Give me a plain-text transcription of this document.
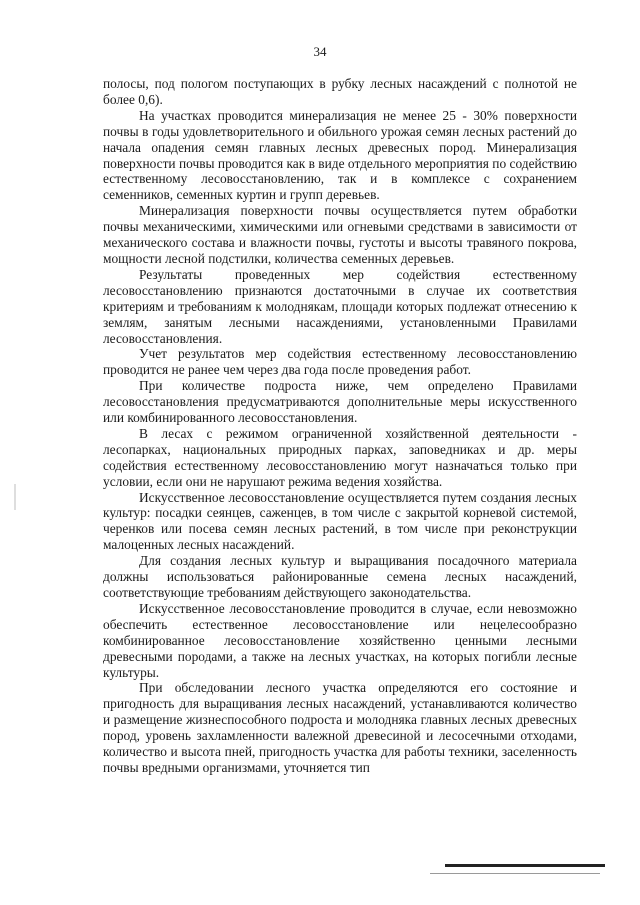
34

полосы, под пологом поступающих в рубку лесных насаждений с полнотой не более 0,6).

На участках проводится минерализация не менее 25 - 30% поверхности почвы в годы удовлетворительного и обильного урожая семян лесных растений до начала опадения семян главных лесных древесных пород. Минерализация поверхности почвы проводится как в виде отдельного мероприятия по содействию естественному лесовосстановлению, так и в комплексе с сохранением семенников, семенных куртин и групп деревьев.

Минерализация поверхности почвы осуществляется путем обработки почвы механическими, химическими или огневыми средствами в зависимости от механического состава и влажности почвы, густоты и высоты травяного покрова, мощности лесной подстилки, количества семенных деревьев.

Результаты проведенных мер содействия естественному лесовосстановлению признаются достаточными в случае их соответствия критериям и требованиям к молоднякам, площади которых подлежат отнесению к землям, занятым лесными насаждениями, установленными Правилами лесовосстановления.

Учет результатов мер содействия естественному лесовосстановлению проводится не ранее чем через два года после проведения работ.

При количестве подроста ниже, чем определено Правилами лесовосстановления предусматриваются дополнительные меры искусственного или комбинированного лесовосстановления.

В лесах с режимом ограниченной хозяйственной деятельности - лесопарках, национальных природных парках, заповедниках и др. меры содействия естественному лесовосстановлению могут назначаться только при условии, если они не нарушают режима ведения хозяйства.

Искусственное лесовосстановление осуществляется путем создания лесных культур: посадки сеянцев, саженцев, в том числе с закрытой корневой системой, черенков или посева семян лесных растений, в том числе при реконструкции малоценных лесных насаждений.

Для создания лесных культур и выращивания посадочного материала должны использоваться районированные семена лесных насаждений, соответствующие требованиям действующего законодательства.

Искусственное лесовосстановление проводится в случае, если невозможно обеспечить естественное лесовосстановление или нецелесообразно комбинированное лесовосстановление хозяйственно ценными лесными древесными породами, а также на лесных участках, на которых погибли лесные культуры.

При обследовании лесного участка определяются его состояние и пригодность для выращивания лесных насаждений, устанавливаются количество и размещение жизнеспособного подроста и молодняка главных лесных древесных пород, уровень захламленности валежной древесиной и лесосечными отходами, количество и высота пней, пригодность участка для работы техники, заселенность почвы вредными организмами, уточняется тип
